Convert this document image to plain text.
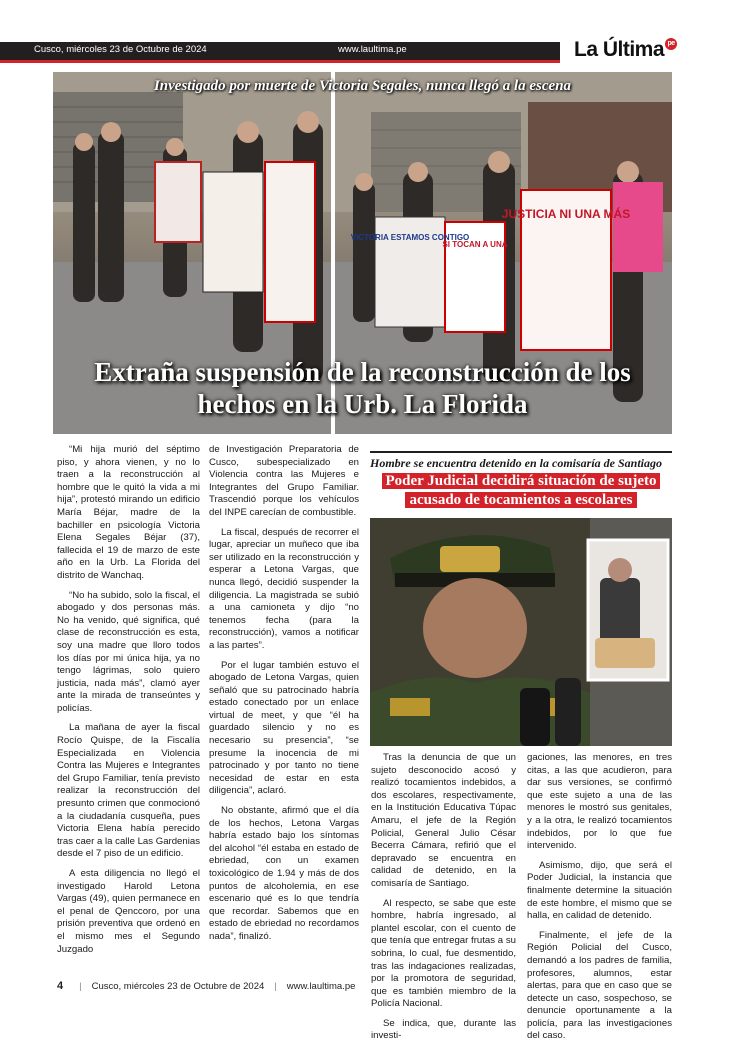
Cusco, miércoles 23 de Octubre de 2024	www.laultima.pe	La Última pe
JUSTICIA NI UNA MÁS
VICTORIA ESTAMOS CONTIGO
SI TOCAN A UNA
Investigado por muerte de Victoria Segales, nunca llegó a la escena
Extraña suspensión de la reconstrucción de los hechos en la Urb. La Florida

“Mi hija murió del séptimo piso, y ahora vienen, y no lo traen a la reconstrucción al hombre que le quitó la vida a mi hija”, protestó mirando un edificio María Béjar, madre de la bachiller en psicología Victoria Elena Segales Béjar (37), fallecida el 19 de marzo de este año en la Urb. La Florida del distrito de Wanchaq.

“No ha subido, solo la fiscal, el abogado y dos personas más. No ha venido, qué significa, qué clase de reconstrucción es esta, soy una madre que lloro todos los días por mi única hija, ya no tengo lágrimas, solo quiero justicia, nada más”, clamó ayer ante la mirada de transeúntes y policías.

La mañana de ayer la fiscal Rocío Quispe, de la Fiscalía Especializada en Violencia Contra las Mujeres e Integrantes del Grupo Familiar, tenía previsto realizar la reconstrucción del presunto crimen que conmocionó a la ciudadanía cusqueña, pues Victoria Elena había perecido tras caer a la calle Las Gardenias desde el 7 piso de un edificio.

A esta diligencia no llegó el investigado Harold Letona Vargas (49), quien permanece en el penal de Qenccoro, por una prisión preventiva que ordenó en el mismo mes el Segundo Juzgado

de Investigación Preparatoria de Cusco, subespecializado en Violencia contra las Mujeres e Integrantes del Grupo Familiar. Trascendió porque los vehículos del INPE carecían de combustible.

La fiscal, después de recorrer el lugar, apreciar un muñeco que iba ser utilizado en la reconstrucción y esperar a Letona Vargas, que nunca llegó, decidió suspender la diligencia. La magistrada se subió a una camioneta y dijo “no tenemos fecha (para la reconstrucción), vamos a notificar a las partes”.

Por el lugar también estuvo el abogado de Letona Vargas, quien señaló que su patrocinado habría estado conectado por un enlace virtual de meet, y que “él ha guardado silencio y no es necesario su presencia”, “se presume la inocencia de mi patrocinado y por tanto no tiene necesidad de estar en esta diligencia”, aclaró.

No obstante, afirmó que el día de los hechos, Letona Vargas habría estado bajo los síntomas del alcohol “él estaba en estado de ebriedad, con un examen toxicológico de 1.94 y más de dos puntos de alcoholemia, en ese escenario qué es lo que tendría que recordar. Sabemos que en estado de ebriedad no recordamos nada”, finalizó.

Hombre se encuentra detenido en la comisaría de Santiago
Poder Judicial decidirá situación de sujeto acusado de tocamientos a escolares

Tras la denuncia de que un sujeto desconocido acosó y realizó tocamientos indebidos, a dos escolares, respectivamente, en la Institución Educativa Túpac Amaru, el jefe de la Región Policial, General Julio César Becerra Cámara, refirió que el depravado se encuentra en calidad de detenido, en la comisaría de Santiago.

Al respecto, se sabe que este hombre, habría ingresado, al plantel escolar, con el cuento de que tenía que entregar frutas a su sobrina, lo cual, fue desmentido, tras las indagaciones realizadas, por la promotora de seguridad, que es también miembro de la Policía Nacional.

Se indica, que, durante las investi-

gaciones, las menores, en tres citas, a las que acudieron, para dar sus versiones, se confirmó que este sujeto a una de las menores le mostró sus genitales, y a la otra, le realizó tocamientos indebidos, por lo que fue intervenido.

Asimismo, dijo, que será el Poder Judicial, la instancia que finalmente determine la situación de este hombre, el mismo que se halla, en calidad de detenido.

Finalmente, el jefe de la Región Policial del Cusco, demandó a los padres de familia, profesores, alumnos, estar alertas, para que en caso que se detecte un caso, sospechoso, se denuncie oportunamente a la policía, para las investigaciones del caso.

4 | Cusco, miércoles 23 de Octubre de 2024 | www.laultima.pe
